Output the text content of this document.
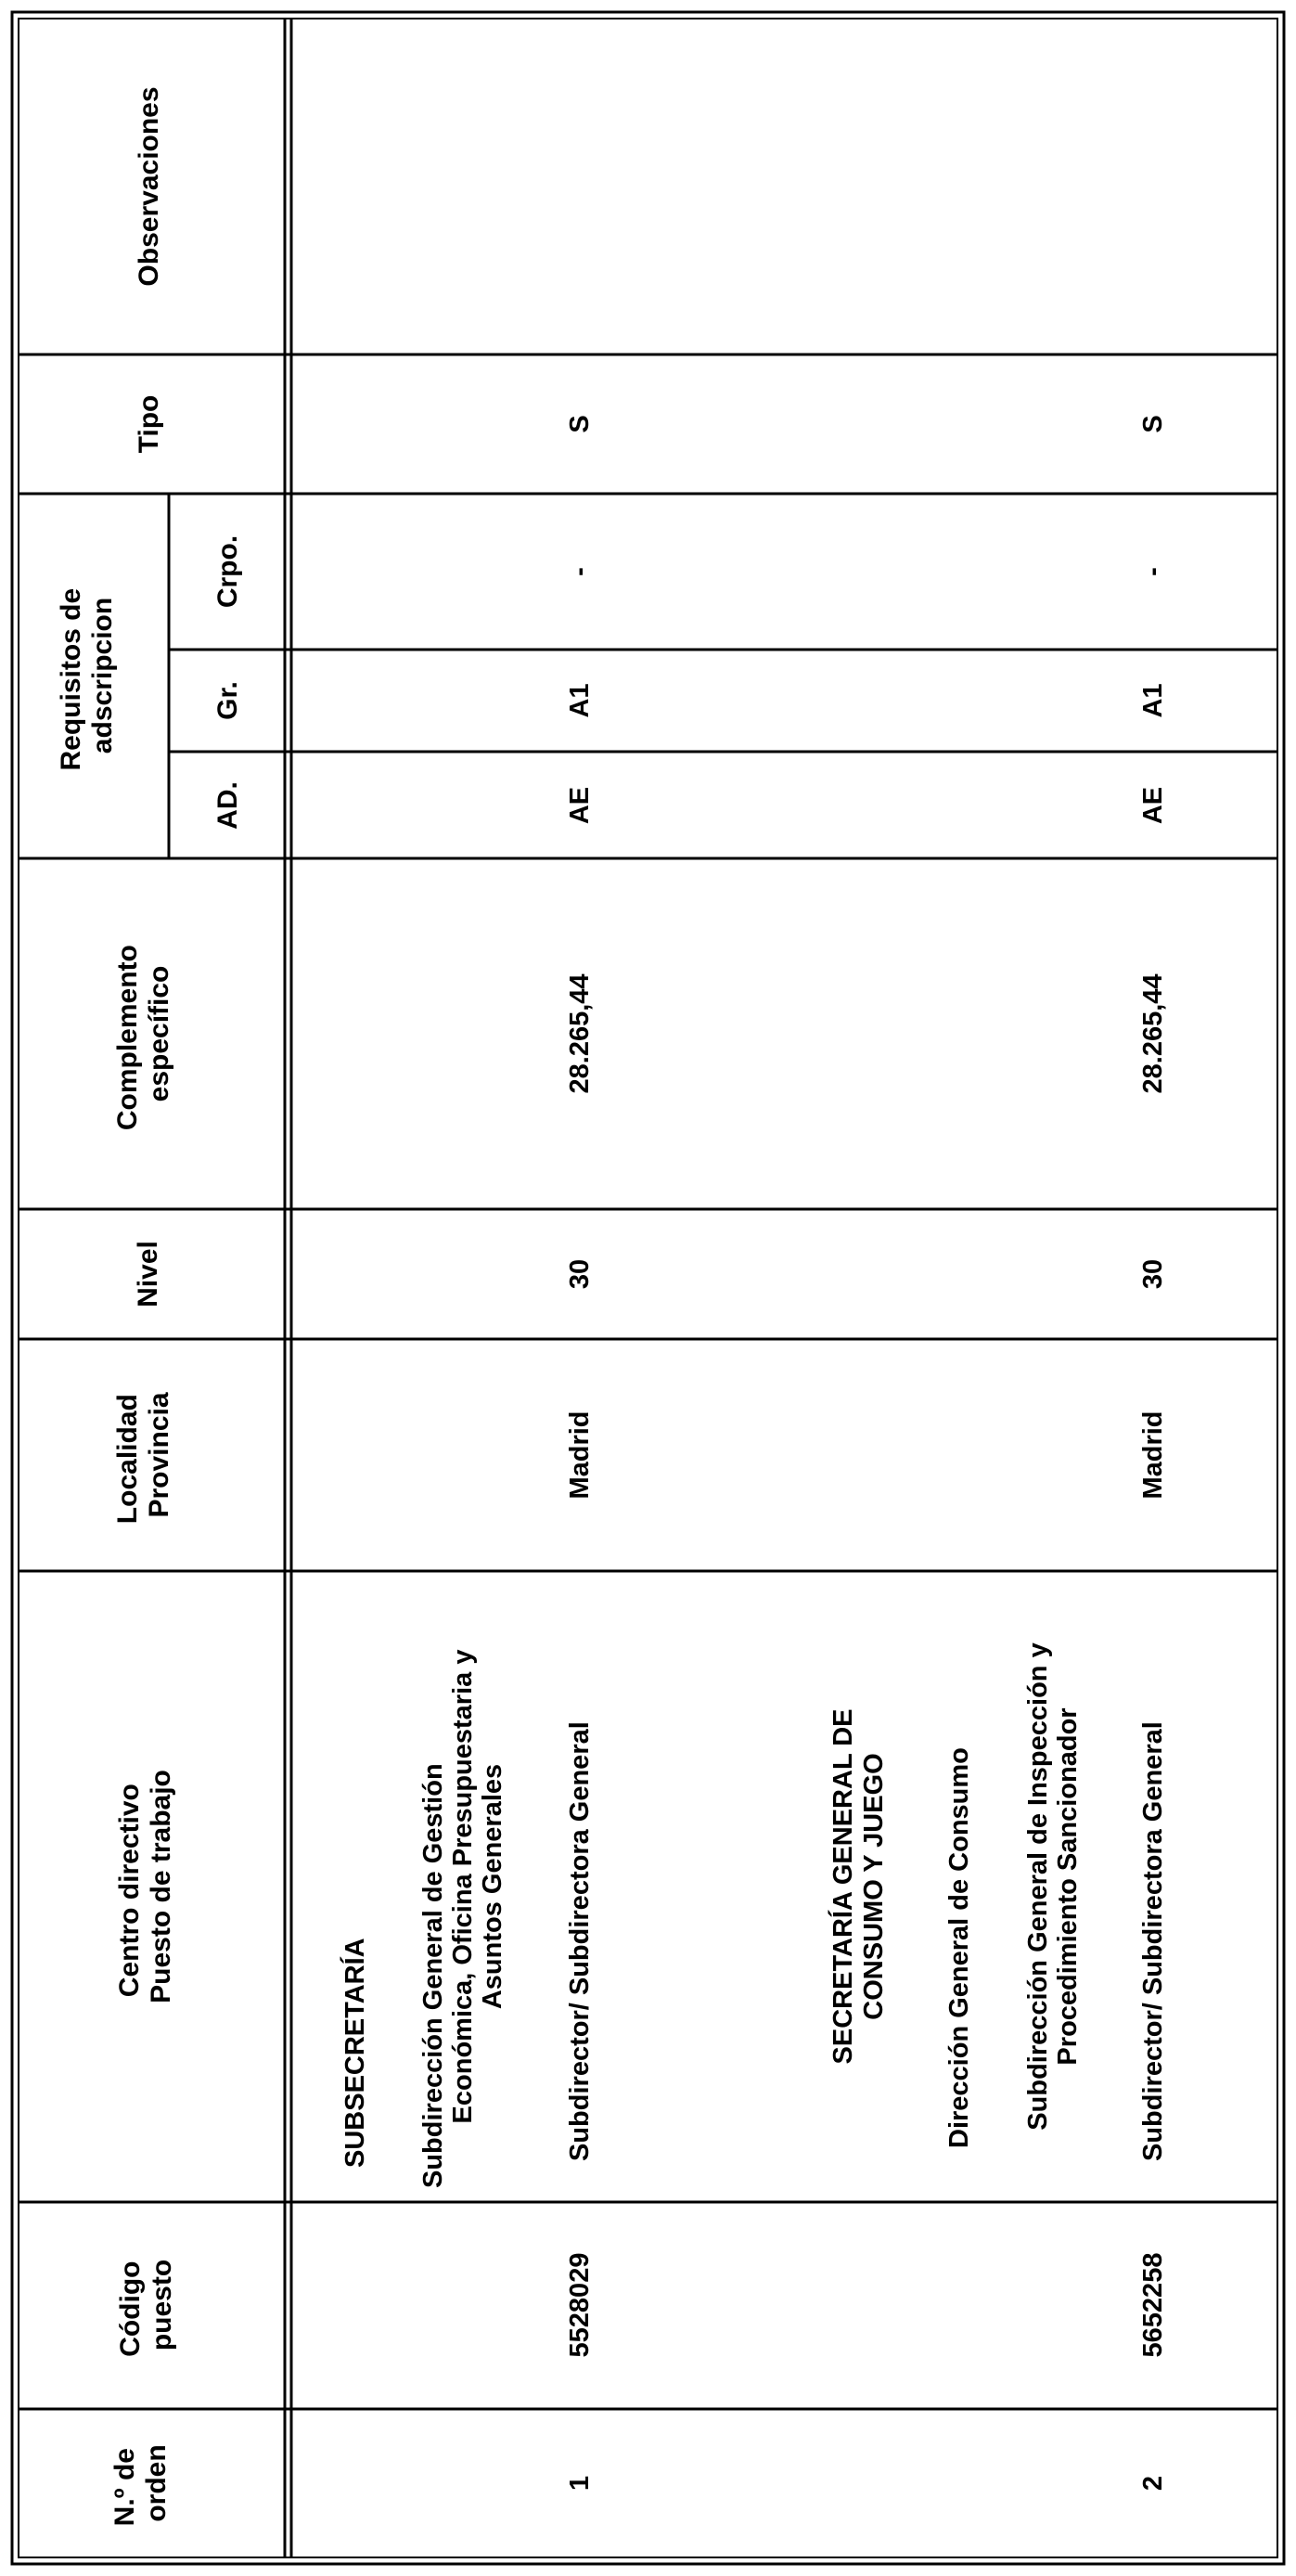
N.º de orden
Código puesto
Centro directivo Puesto de trabajo
Localidad Provincia
Nivel
Complemento específico
Requisitos de adscripcion
AD.
Gr.
Crpo.
Tipo
Observaciones
1
5528029
SUBSECRETARÍA Subdirección General de Gestión Económica, Oficina Presupuestaria y Asuntos Generales Subdirector/ Subdirectora General
Madrid
30
28.265,44
AE
A1
-
S
2
5652258
SECRETARÍA GENERAL DE CONSUMO Y JUEGO Dirección General de Consumo Subdirección General de Inspección y Procedimiento Sancionador Subdirector/ Subdirectora General
Madrid
30
28.265,44
AE
A1
-
S
